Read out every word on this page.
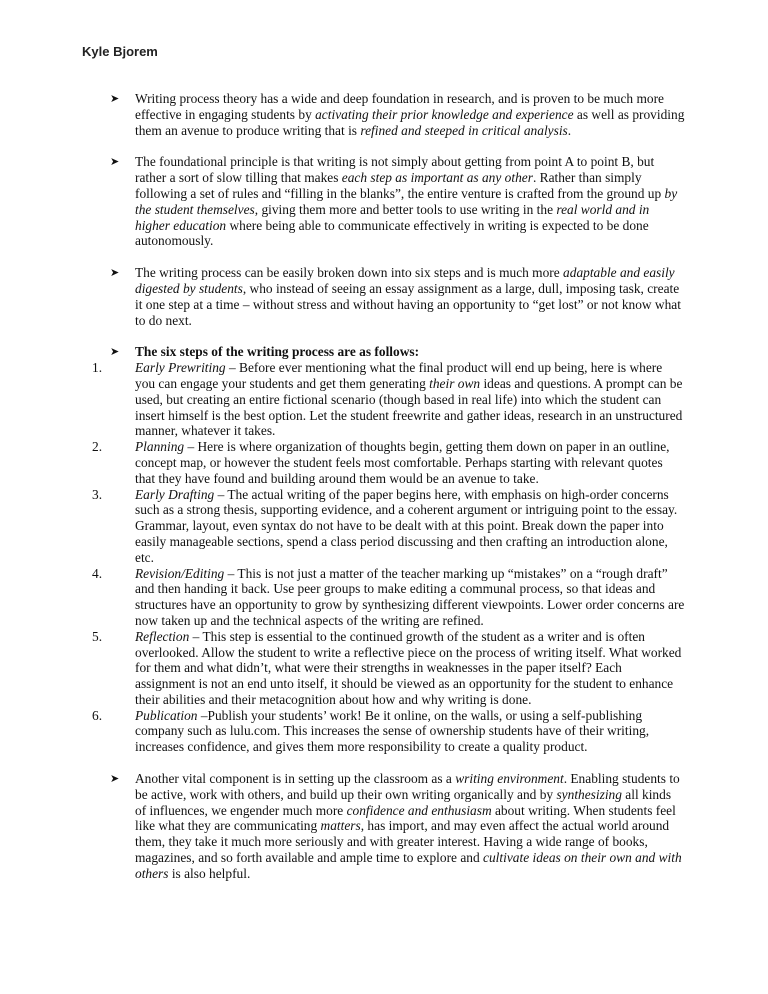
Kyle Bjorem

➤ Writing process theory has a wide and deep foundation in research, and is proven to be much more effective in engaging students by activating their prior knowledge and experience as well as providing them an avenue to produce writing that is refined and steeped in critical analysis.

➤ The foundational principle is that writing is not simply about getting from point A to point B, but rather a sort of slow tilling that makes each step as important as any other. Rather than simply following a set of rules and “filling in the blanks”, the entire venture is crafted from the ground up by the student themselves, giving them more and better tools to use writing in the real world and in higher education where being able to communicate effectively in writing is expected to be done autonomously.

➤ The writing process can be easily broken down into six steps and is much more adaptable and easily digested by students, who instead of seeing an essay assignment as a large, dull, imposing task, create it one step at a time – without stress and without having an opportunity to “get lost” or not know what to do next.

➤ The six steps of the writing process are as follows:

1. Early Prewriting – Before ever mentioning what the final product will end up being, here is where you can engage your students and get them generating their own ideas and questions. A prompt can be used, but creating an entire fictional scenario (though based in real life) into which the student can insert himself is the best option. Let the student freewrite and gather ideas, research in an unstructured manner, whatever it takes.
2. Planning – Here is where organization of thoughts begin, getting them down on paper in an outline, concept map, or however the student feels most comfortable. Perhaps starting with relevant quotes that they have found and building around them would be an avenue to take.
3. Early Drafting – The actual writing of the paper begins here, with emphasis on high-order concerns such as a strong thesis, supporting evidence, and a coherent argument or intriguing point to the essay. Grammar, layout, even syntax do not have to be dealt with at this point. Break down the paper into easily manageable sections, spend a class period discussing and then crafting an introduction alone, etc.
4. Revision/Editing – This is not just a matter of the teacher marking up “mistakes” on a “rough draft” and then handing it back. Use peer groups to make editing a communal process, so that ideas and structures have an opportunity to grow by synthesizing different viewpoints. Lower order concerns are now taken up and the technical aspects of the writing are refined.
5. Reflection – This step is essential to the continued growth of the student as a writer and is often overlooked. Allow the student to write a reflective piece on the process of writing itself. What worked for them and what didn’t, what were their strengths in weaknesses in the paper itself? Each assignment is not an end unto itself, it should be viewed as an opportunity for the student to enhance their abilities and their metacognition about how and why writing is done.
6. Publication –Publish your students’ work! Be it online, on the walls, or using a self-publishing company such as lulu.com. This increases the sense of ownership students have of their writing, increases confidence, and gives them more responsibility to create a quality product.

➤ Another vital component is in setting up the classroom as a writing environment. Enabling students to be active, work with others, and build up their own writing organically and by synthesizing all kinds of influences, we engender much more confidence and enthusiasm about writing. When students feel like what they are communicating matters, has import, and may even affect the actual world around them, they take it much more seriously and with greater interest. Having a wide range of books, magazines, and so forth available and ample time to explore and cultivate ideas on their own and with others is also helpful.
